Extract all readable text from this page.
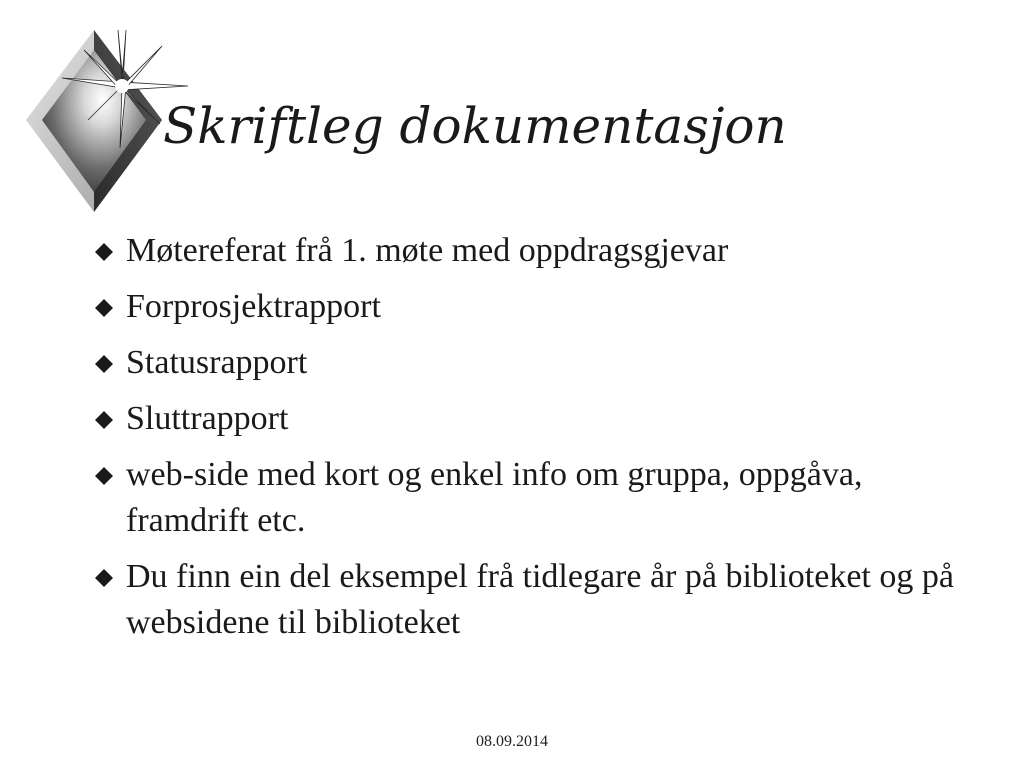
Skriftleg dokumentasjon
Møtereferat frå 1. møte med oppdragsgjevar
Forprosjektrapport
Statusrapport
Sluttrapport
web-side med kort og enkel info om gruppa, oppgåva, framdrift etc.
Du finn ein del eksempel frå tidlegare år på biblioteket og på websidene til biblioteket
08.09.2014
